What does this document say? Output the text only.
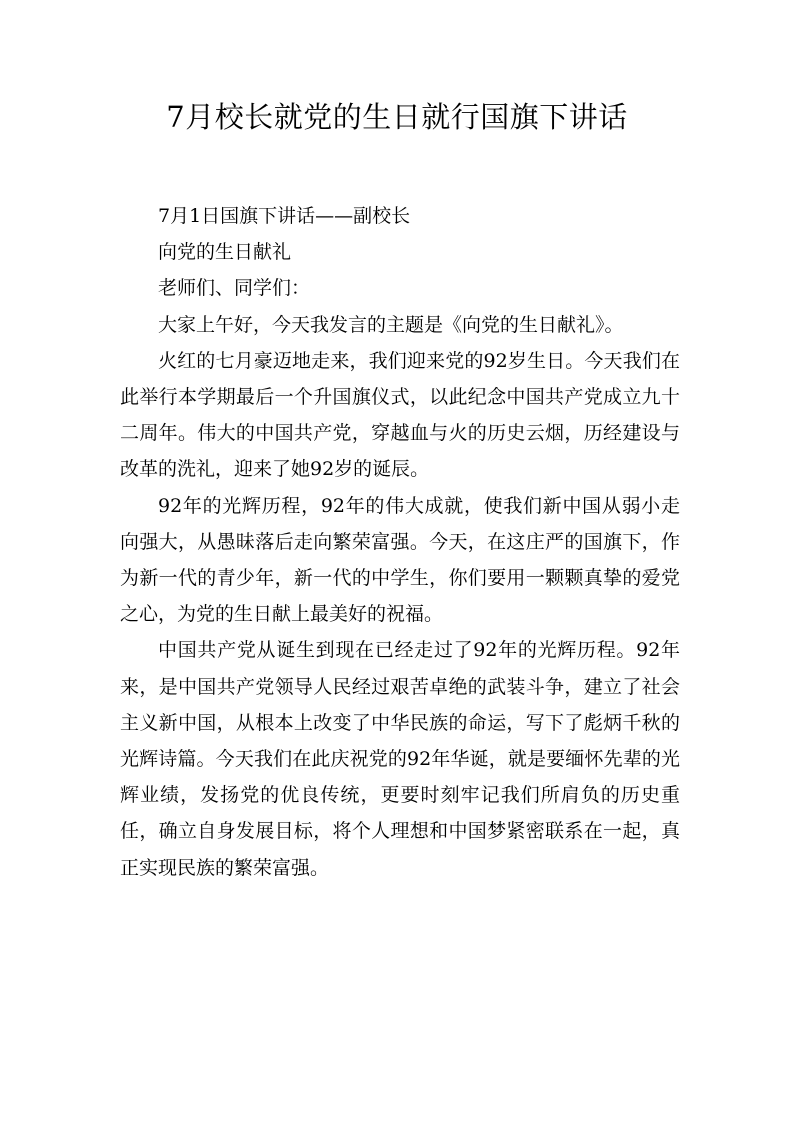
7月校长就党的生日就行国旗下讲话

7月1日国旗下讲话——副校长

向党的生日献礼

老师们、同学们：

大家上午好，今天我发言的主题是《向党的生日献礼》。

火红的七月豪迈地走来，我们迎来党的92岁生日。今天我们在此举行本学期最后一个升国旗仪式，以此纪念中国共产党成立九十二周年。伟大的中国共产党，穿越血与火的历史云烟，历经建设与改革的洗礼，迎来了她92岁的诞辰。

92年的光辉历程，92年的伟大成就，使我们新中国从弱小走向强大，从愚昧落后走向繁荣富强。今天，在这庄严的国旗下，作为新一代的青少年，新一代的中学生，你们要用一颗颗真挚的爱党之心，为党的生日献上最美好的祝福。

中国共产党从诞生到现在已经走过了92年的光辉历程。92年来，是中国共产党领导人民经过艰苦卓绝的武装斗争，建立了社会主义新中国，从根本上改变了中华民族的命运，写下了彪炳千秋的光辉诗篇。今天我们在此庆祝党的92年华诞，就是要缅怀先辈的光辉业绩，发扬党的优良传统，更要时刻牢记我们所肩负的历史重任，确立自身发展目标，将个人理想和中国梦紧密联系在一起，真正实现民族的繁荣富强。
